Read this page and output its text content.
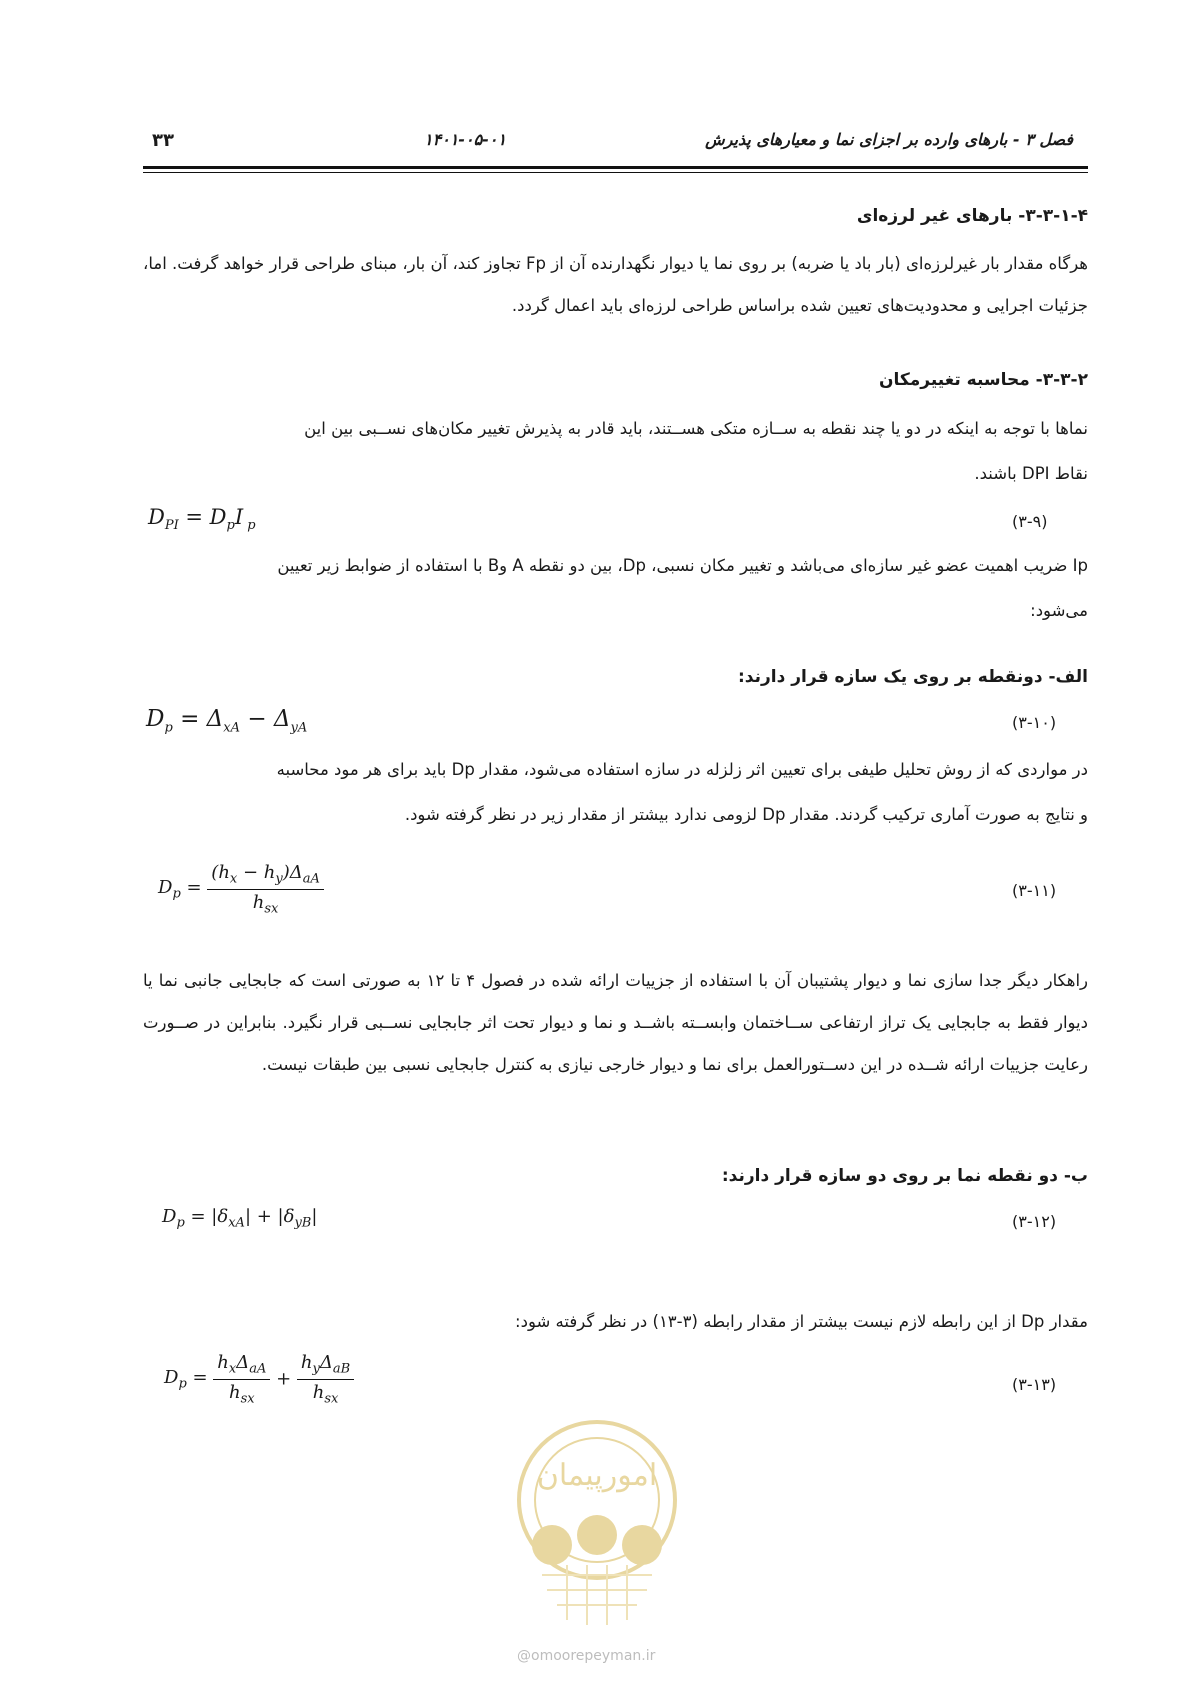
فصل ۳ - بارهای وارده بر اجزای نما و معیارهای پذیرش
۱۴۰۱-۰۵-۰۱
۳۳
۳-۳-۱-۴- بارهای غیر لرزه‌ای
هرگاه مقدار بار غیرلرزه‌ای (بار باد یا ضربه) بر روی نما یا دیوار نگهدارنده آن از Fp تجاوز کند، آن بار، مبنای طراحی قرار خواهد گرفت. اما، جزئیات اجرایی و محدودیت‌های تعیین شده براساس طراحی لرزه‌ای باید اعمال گردد.
۳-۳-۲- محاسبه تغییرمکان
نماها با توجه به اینکه در دو یا چند نقطه به ســازه متکی هســتند، باید قادر به پذیرش تغییر مکان‌های نســبی بین این
نقاط DPI باشند.
$D_{PI} = D_pI$ $_p$	(۳-۹)
Ip ضریب اهمیت عضو غیر سازه‌ای می‌باشد و تغییر مکان نسبی، Dp، بین دو نقطه A وB با استفاده از ضوابط زیر تعیین
می‌شود:
الف- دونقطه بر روی یک سازه قرار دارند:
$D_p = \Delta_{xA} - \Delta_{yA}$	(۳-۱۰)
در مواردی که از روش تحلیل طیفی برای تعیین اثر زلزله در سازه استفاده می‌شود، مقدار Dp باید برای هر مود محاسبه
و نتایج به صورت آماری ترکیب گردند. مقدار Dp لزومی ندارد بیشتر از مقدار زیر در نظر گرفته شود.
$D_p = \frac{(h_x - h_y)\Delta_{aA}}{h_{sx}}$	(۳-۱۱)
راهکار دیگر جدا سازی نما و دیوار پشتیبان آن با استفاده از جزییات ارائه شده در فصول ۴ تا ۱۲ به صورتی است که جابجایی جانبی نما یا دیوار فقط به جابجایی یک تراز ارتفاعی ســاختمان وابســته باشــد و نما و دیوار تحت اثر جابجایی نســبی قرار نگیرد. بنابراین در صــورت رعایت جزییات ارائه شــده در این دســتورالعمل برای نما و دیوار خارجی نیازی به کنترل جابجایی نسبی بین طبقات نیست.
ب- دو نقطه نما بر روی دو سازه قرار دارند:
$D_p = |\delta_{xA}| + |\delta_{yB}|$	(۳-۱۲)
مقدار Dp از این رابطه لازم نیست بیشتر از مقدار رابطه (۳-۱۳) در نظر گرفته شود:
$D_p = \frac{h_x\Delta_{aA}}{h_{sx}} + \frac{h_y\Delta_{aB}}{h_{sx}}$	(۳-۱۳)
امورپیمان
@omoorepeyman.ir
